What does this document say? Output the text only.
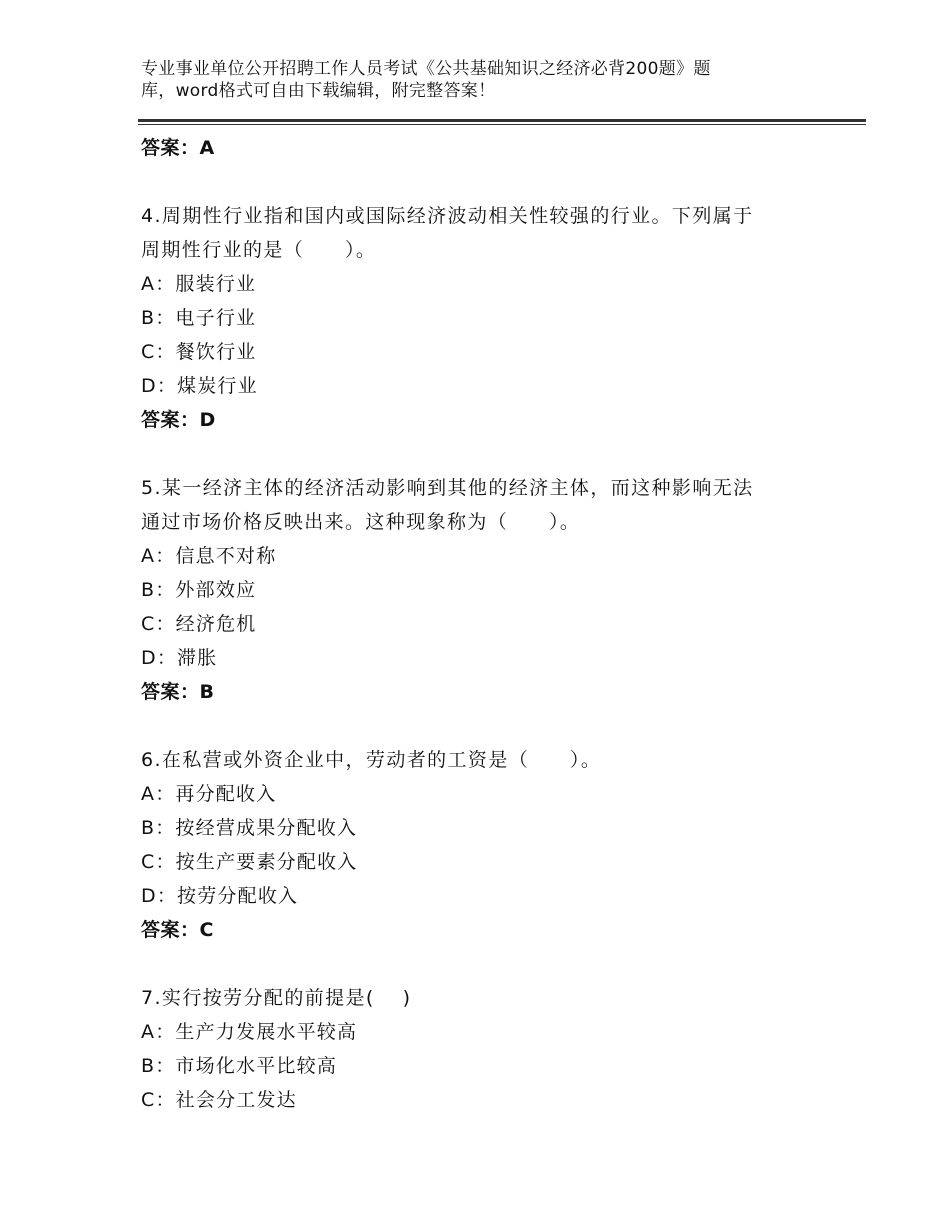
专业事业单位公开招聘工作人员考试《公共基础知识之经济必背200题》题
库，word格式可自由下载编辑，附完整答案！
答案：A
4.周期性行业指和国内或国际经济波动相关性较强的行业。下列属于
周期性行业的是（　　）。
A：服装行业
B：电子行业
C：餐饮行业
D：煤炭行业
答案：D
5.某一经济主体的经济活动影响到其他的经济主体，而这种影响无法
通过市场价格反映出来。这种现象称为（　　）。
A：信息不对称
B：外部效应
C：经济危机
D：滞胀
答案：B
6.在私营或外资企业中，劳动者的工资是（　　）。
A：再分配收入
B：按经营成果分配收入
C：按生产要素分配收入
D：按劳分配收入
答案：C
7.实行按劳分配的前提是(　 )
A：生产力发展水平较高
B：市场化水平比较高
C：社会分工发达
